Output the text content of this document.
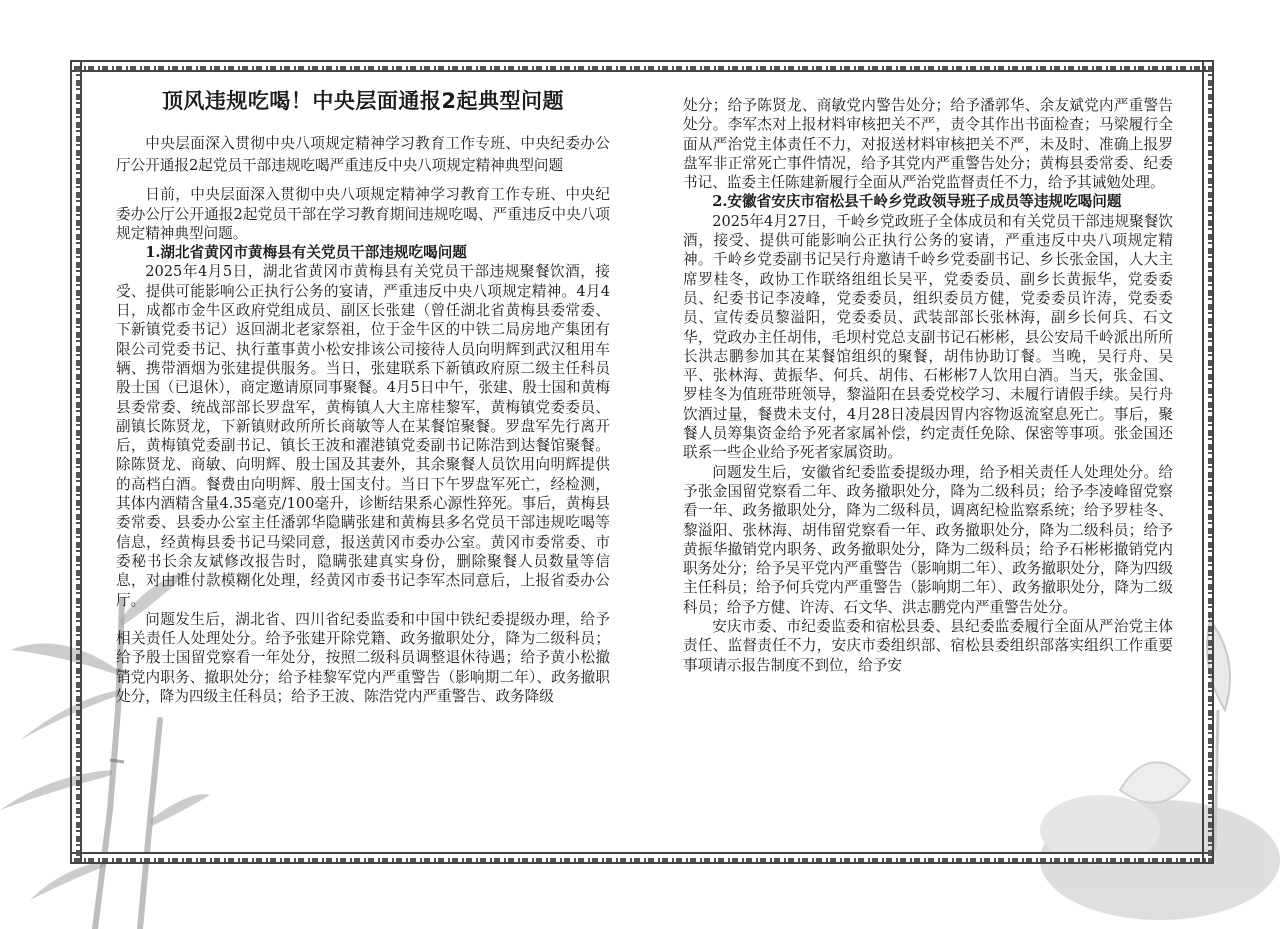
顶风违规吃喝！中央层面通报2起典型问题
中央层面深入贯彻中央八项规定精神学习教育工作专班、中央纪委办公厅公开通报2起党员干部违规吃喝严重违反中央八项规定精神典型问题

日前，中央层面深入贯彻中央八项规定精神学习教育工作专班、中央纪委办公厅公开通报2起党员干部在学习教育期间违规吃喝、严重违反中央八项规定精神典型问题。

1.湖北省黄冈市黄梅县有关党员干部违规吃喝问题

2025年4月5日，湖北省黄冈市黄梅县有关党员干部违规聚餐饮酒，接受、提供可能影响公正执行公务的宴请，严重违反中央八项规定精神。4月4日，成都市金牛区政府党组成员、副区长张建（曾任湖北省黄梅县委常委、下新镇党委书记）返回湖北老家祭祖，位于金牛区的中铁二局房地产集团有限公司党委书记、执行董事黄小松安排该公司接待人员向明辉到武汉租用车辆、携带酒烟为张建提供服务。当日，张建联系下新镇政府原二级主任科员殷士国（已退休），商定邀请原同事聚餐。4月5日中午，张建、殷士国和黄梅县委常委、统战部部长罗盘军，黄梅镇人大主席桂黎军，黄梅镇党委委员、副镇长陈贤龙，下新镇财政所所长商敏等人在某餐馆聚餐。罗盘军先行离开后，黄梅镇党委副书记、镇长王波和濯港镇党委副书记陈浩到达餐馆聚餐。除陈贤龙、商敏、向明辉、殷士国及其妻外，其余聚餐人员饮用向明辉提供的高档白酒。餐费由向明辉、殷士国支付。当日下午罗盘军死亡，经检测，其体内酒精含量4.35毫克/100毫升，诊断结果系心源性猝死。事后，黄梅县委常委、县委办公室主任潘郭华隐瞒张建和黄梅县多名党员干部违规吃喝等信息，经黄梅县委书记马梁同意，报送黄冈市委办公室。黄冈市委常委、市委秘书长余友斌修改报告时，隐瞒张建真实身份，删除聚餐人员数量等信息，对由谁付款模糊化处理，经黄冈市委书记李军杰同意后，上报省委办公厅。

问题发生后，湖北省、四川省纪委监委和中国中铁纪委提级办理，给予相关责任人处理处分。给予张建开除党籍、政务撤职处分，降为二级科员；给予殷士国留党察看一年处分，按照二级科员调整退休待遇；给予黄小松撤销党内职务、撤职处分；给予桂黎军党内严重警告（影响期二年）、政务撤职处分，降为四级主任科员；给予王波、陈浩党内严重警告、政务降级

处分；给予陈贤龙、商敏党内警告处分；给予潘郭华、余友斌党内严重警告处分。李军杰对上报材料审核把关不严，责令其作出书面检查；马梁履行全面从严治党主体责任不力，对报送材料审核把关不严，未及时、准确上报罗盘军非正常死亡事件情况，给予其党内严重警告处分；黄梅县委常委、纪委书记、监委主任陈建新履行全面从严治党监督责任不力，给予其诫勉处理。

2.安徽省安庆市宿松县千岭乡党政领导班子成员等违规吃喝问题

2025年4月27日，千岭乡党政班子全体成员和有关党员干部违规聚餐饮酒，接受、提供可能影响公正执行公务的宴请，严重违反中央八项规定精神。千岭乡党委副书记吴行舟邀请千岭乡党委副书记、乡长张金国，人大主席罗桂冬，政协工作联络组组长吴平，党委委员、副乡长黄振华，党委委员、纪委书记李凌峰，党委委员，组织委员方健，党委委员许涛，党委委员、宣传委员黎溢阳，党委委员、武装部部长张林海，副乡长何兵、石文华，党政办主任胡伟，毛坝村党总支副书记石彬彬，县公安局千岭派出所所长洪志鹏参加其在某餐馆组织的聚餐，胡伟协助订餐。当晚，吴行舟、吴平、张林海、黄振华、何兵、胡伟、石彬彬7人饮用白酒。当天，张金国、罗桂冬为值班带班领导，黎溢阳在县委党校学习、未履行请假手续。吴行舟饮酒过量，餐费未支付，4月28日凌晨因胃内容物返流窒息死亡。事后，聚餐人员筹集资金给予死者家属补偿，约定责任免除、保密等事项。张金国还联系一些企业给予死者家属资助。

问题发生后，安徽省纪委监委提级办理，给予相关责任人处理处分。给予张金国留党察看二年、政务撤职处分，降为二级科员；给予李凌峰留党察看一年、政务撤职处分，降为二级科员，调离纪检监察系统；给予罗桂冬、黎溢阳、张林海、胡伟留党察看一年、政务撤职处分，降为二级科员；给予黄振华撤销党内职务、政务撤职处分，降为二级科员；给予石彬彬撤销党内职务处分；给予吴平党内严重警告（影响期二年）、政务撤职处分，降为四级主任科员；给予何兵党内严重警告（影响期二年）、政务撤职处分，降为二级科员；给予方健、许涛、石文华、洪志鹏党内严重警告处分。

安庆市委、市纪委监委和宿松县委、县纪委监委履行全面从严治党主体责任、监督责任不力，安庆市委组织部、宿松县委组织部落实组织工作重要事项请示报告制度不到位，给予安
